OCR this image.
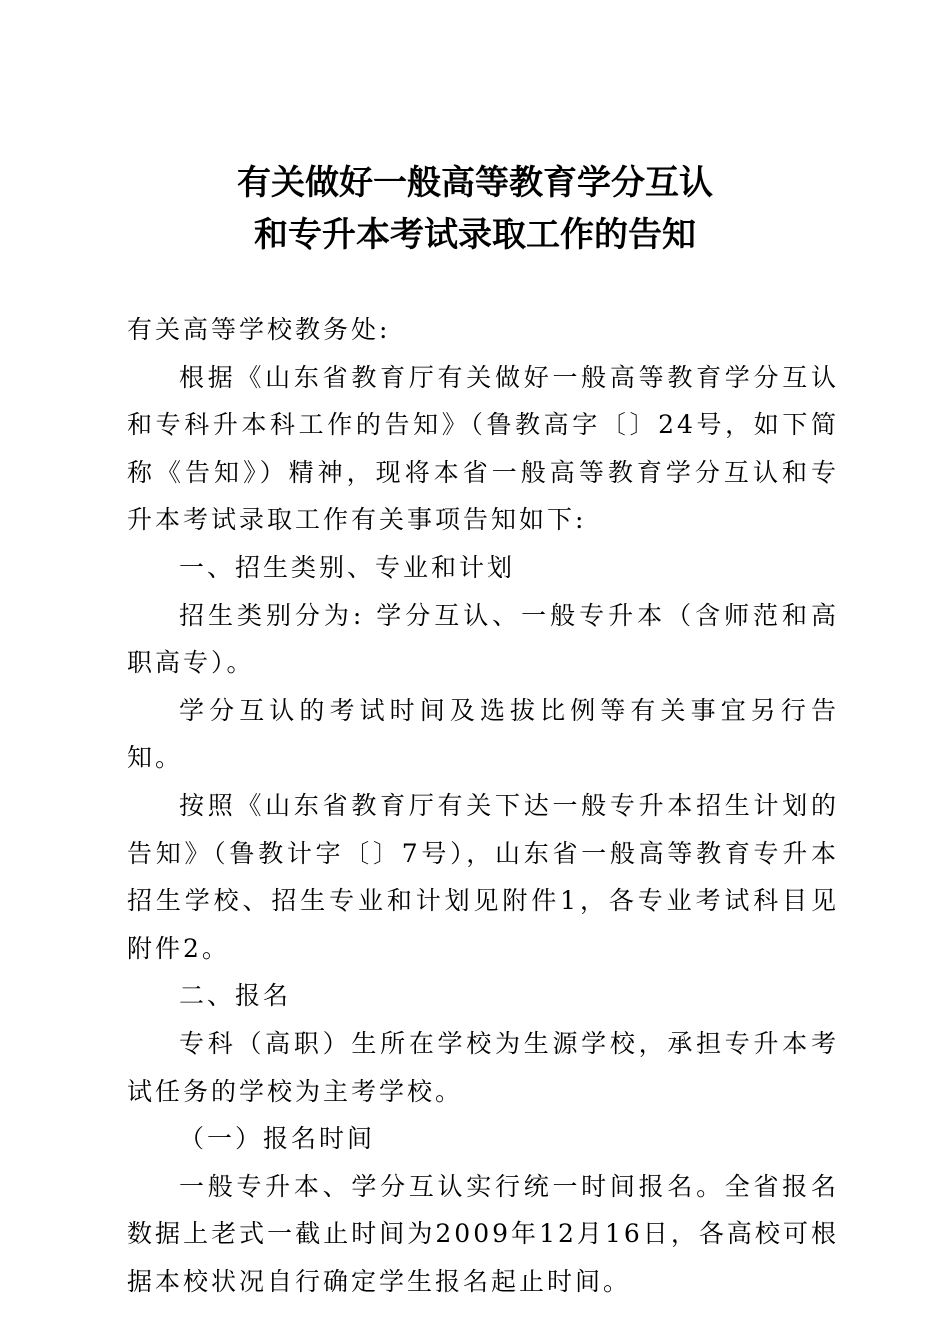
有关做好一般高等教育学分互认
和专升本考试录取工作的告知

有关高等学校教务处:

根据《山东省教育厅有关做好一般高等教育学分互认和专科升本科工作的告知》（鲁教高字〔〕24号，如下简称《告知》）精神，现将本省一般高等教育学分互认和专升本考试录取工作有关事项告知如下:

一、招生类别、专业和计划

招生类别分为: 学分互认、一般专升本（含师范和高职高专）。

学分互认的考试时间及选拔比例等有关事宜另行告知。

按照《山东省教育厅有关下达一般专升本招生计划的告知》（鲁教计字〔〕7号），山东省一般高等教育专升本招生学校、招生专业和计划见附件1，各专业考试科目见附件2。

二、报名

专科（高职）生所在学校为生源学校，承担专升本考试任务的学校为主考学校。

（一）报名时间

一般专升本、学分互认实行统一时间报名。全省报名数据上老式一截止时间为2009年12月16日，各高校可根据本校状况自行确定学生报名起止时间。
